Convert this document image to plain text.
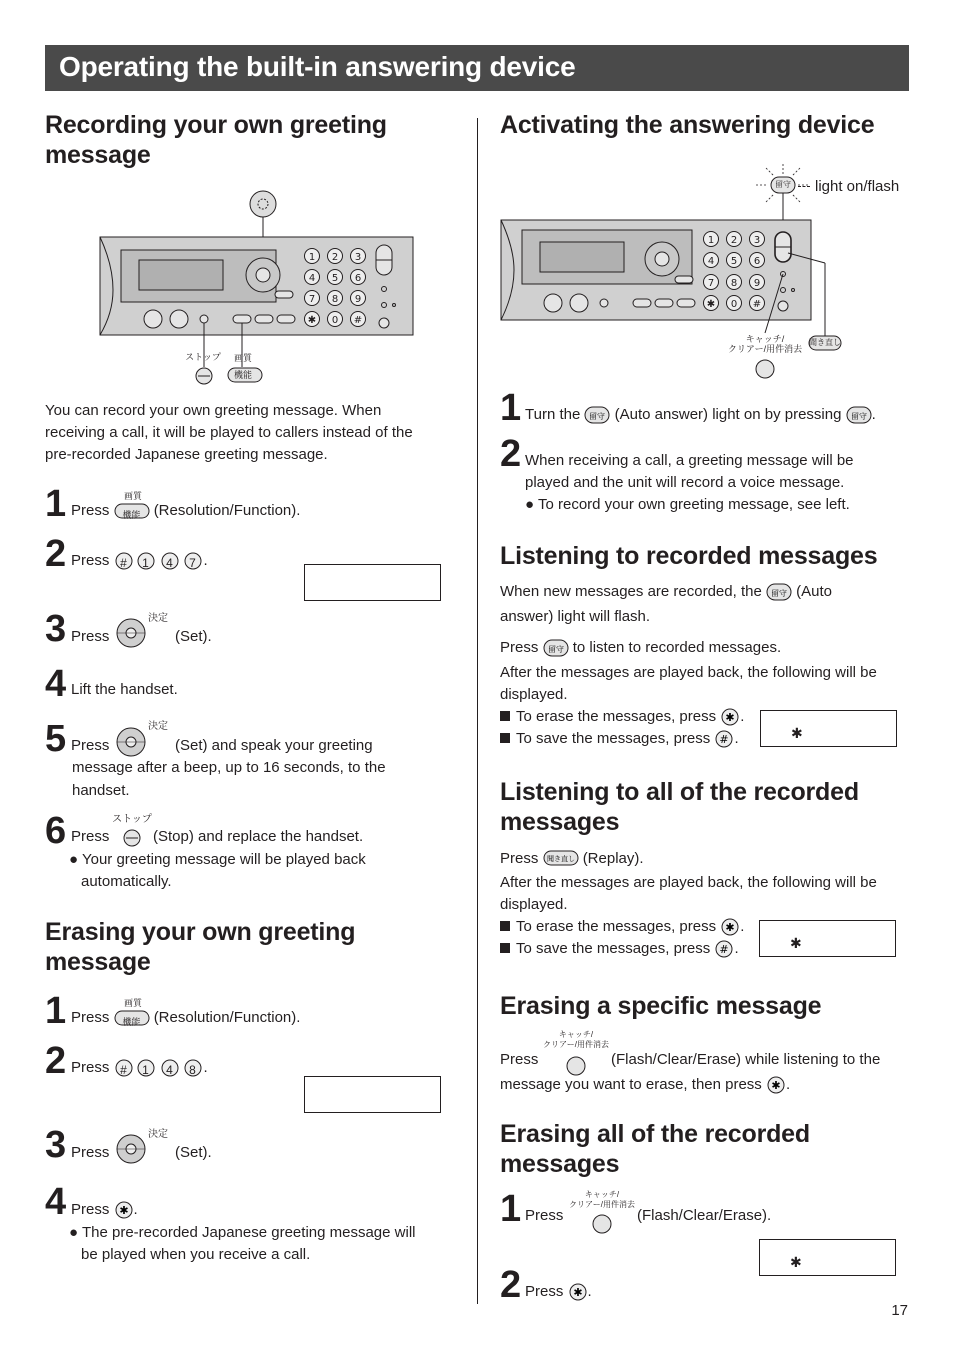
Operating the built-in answering device
Recording your own greeting
message
1 2 3
4 5 6
7 8 9
✱ 0 #
ストップ	画質
機能
You can record your own greeting message. When
receiving a call, it will be played to callers instead of the
pre-recorded Japanese greeting message.
1	画質
Press	機能 (Resolution/Function).
2 Press #	1	4	7 .
3	決定
Press	(Set).
4 Lift the handset.
5	決定
Press	(Set) and speak your greeting
message after a beep, up to 16 seconds, to the
handset.
6	ストップ
Press	(Stop) and replace the handset.
● Your greeting message will be played back
automatically.
Erasing your own greeting
message
1	画質
Press	機能 (Resolution/Function).
2 Press #	1	4	8 .
3	決定
Press	(Set).
4 Press ✱ .
● The pre-recorded Japanese greeting message will
be played when you receive a call.
Activating the answering device
1 2 3
4 5 6
7 8 9
✱ 0 #
留守 light on/flash
キャッチ/
クリアー/用件消去
聞き直し
1 Turn the 留守 (Auto answer) light on by pressing 留守 .
2 When receiving a call, a greeting message will be
played and the unit will record a voice message.
● To record your own greeting message, see left.
Listening to recorded messages
When new messages are recorded, the 留守 (Auto
answer) light will flash.
Press 留守 to listen to recorded messages.
After the messages are played back, the following will be
displayed.
To erase the messages, press ✱ .
To save the messages, press # .	✱
Listening to all of the recorded
messages
Press 聞き直し (Replay).
After the messages are played back, the following will be
displayed.
To erase the messages, press ✱ .
To save the messages, press # .	✱
Erasing a specific message
キャッチ/
クリアー/用件消去
Press	(Flash/Clear/Erase) while listening to the
message you want to erase, then press ✱ .
Erasing all of the recorded
messages
1	キャッチ/
クリアー/用件消去
Press	(Flash/Clear/Erase).
✱
2 Press ✱ .
17
